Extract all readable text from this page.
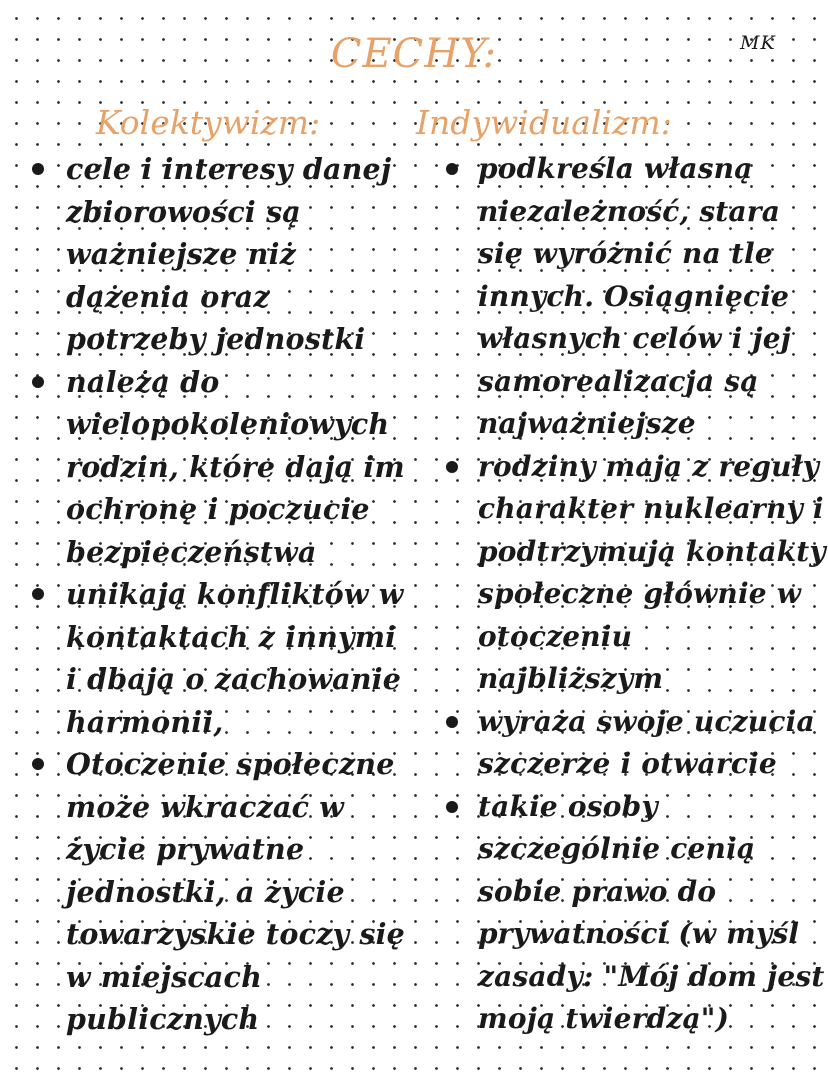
CECHY:	MK
Kolektywizm:	Indywidualizm:
cele i interesy danej zbiorowości są ważniejsze niż dążenia oraz potrzeby jednostki
należą do wielopokoleniowych rodzin, które dają im ochronę i poczucie bezpieczeństwa
unikają konfliktów w kontaktach z innymi i dbają o zachowanie harmonii,
Otoczenie społeczne może wkraczać w życie prywatne jednostki, a życie towarzyskie toczy się w miejscach publicznych
podkreśla własną niezależność, stara się wyróżnić na tle innych. Osiągnięcie własnych celów i jej samorealizacja są najważniejsze
rodziny mają z reguły charakter nuklearny i podtrzymują kontakty społeczne głównie w otoczeniu najbliższym
wyraża swoje uczucia szczerze i otwarcie
takie osoby szczególnie cenią sobie prawo do prywatności (w myśl zasady: "Mój dom jest moją twierdzą")
